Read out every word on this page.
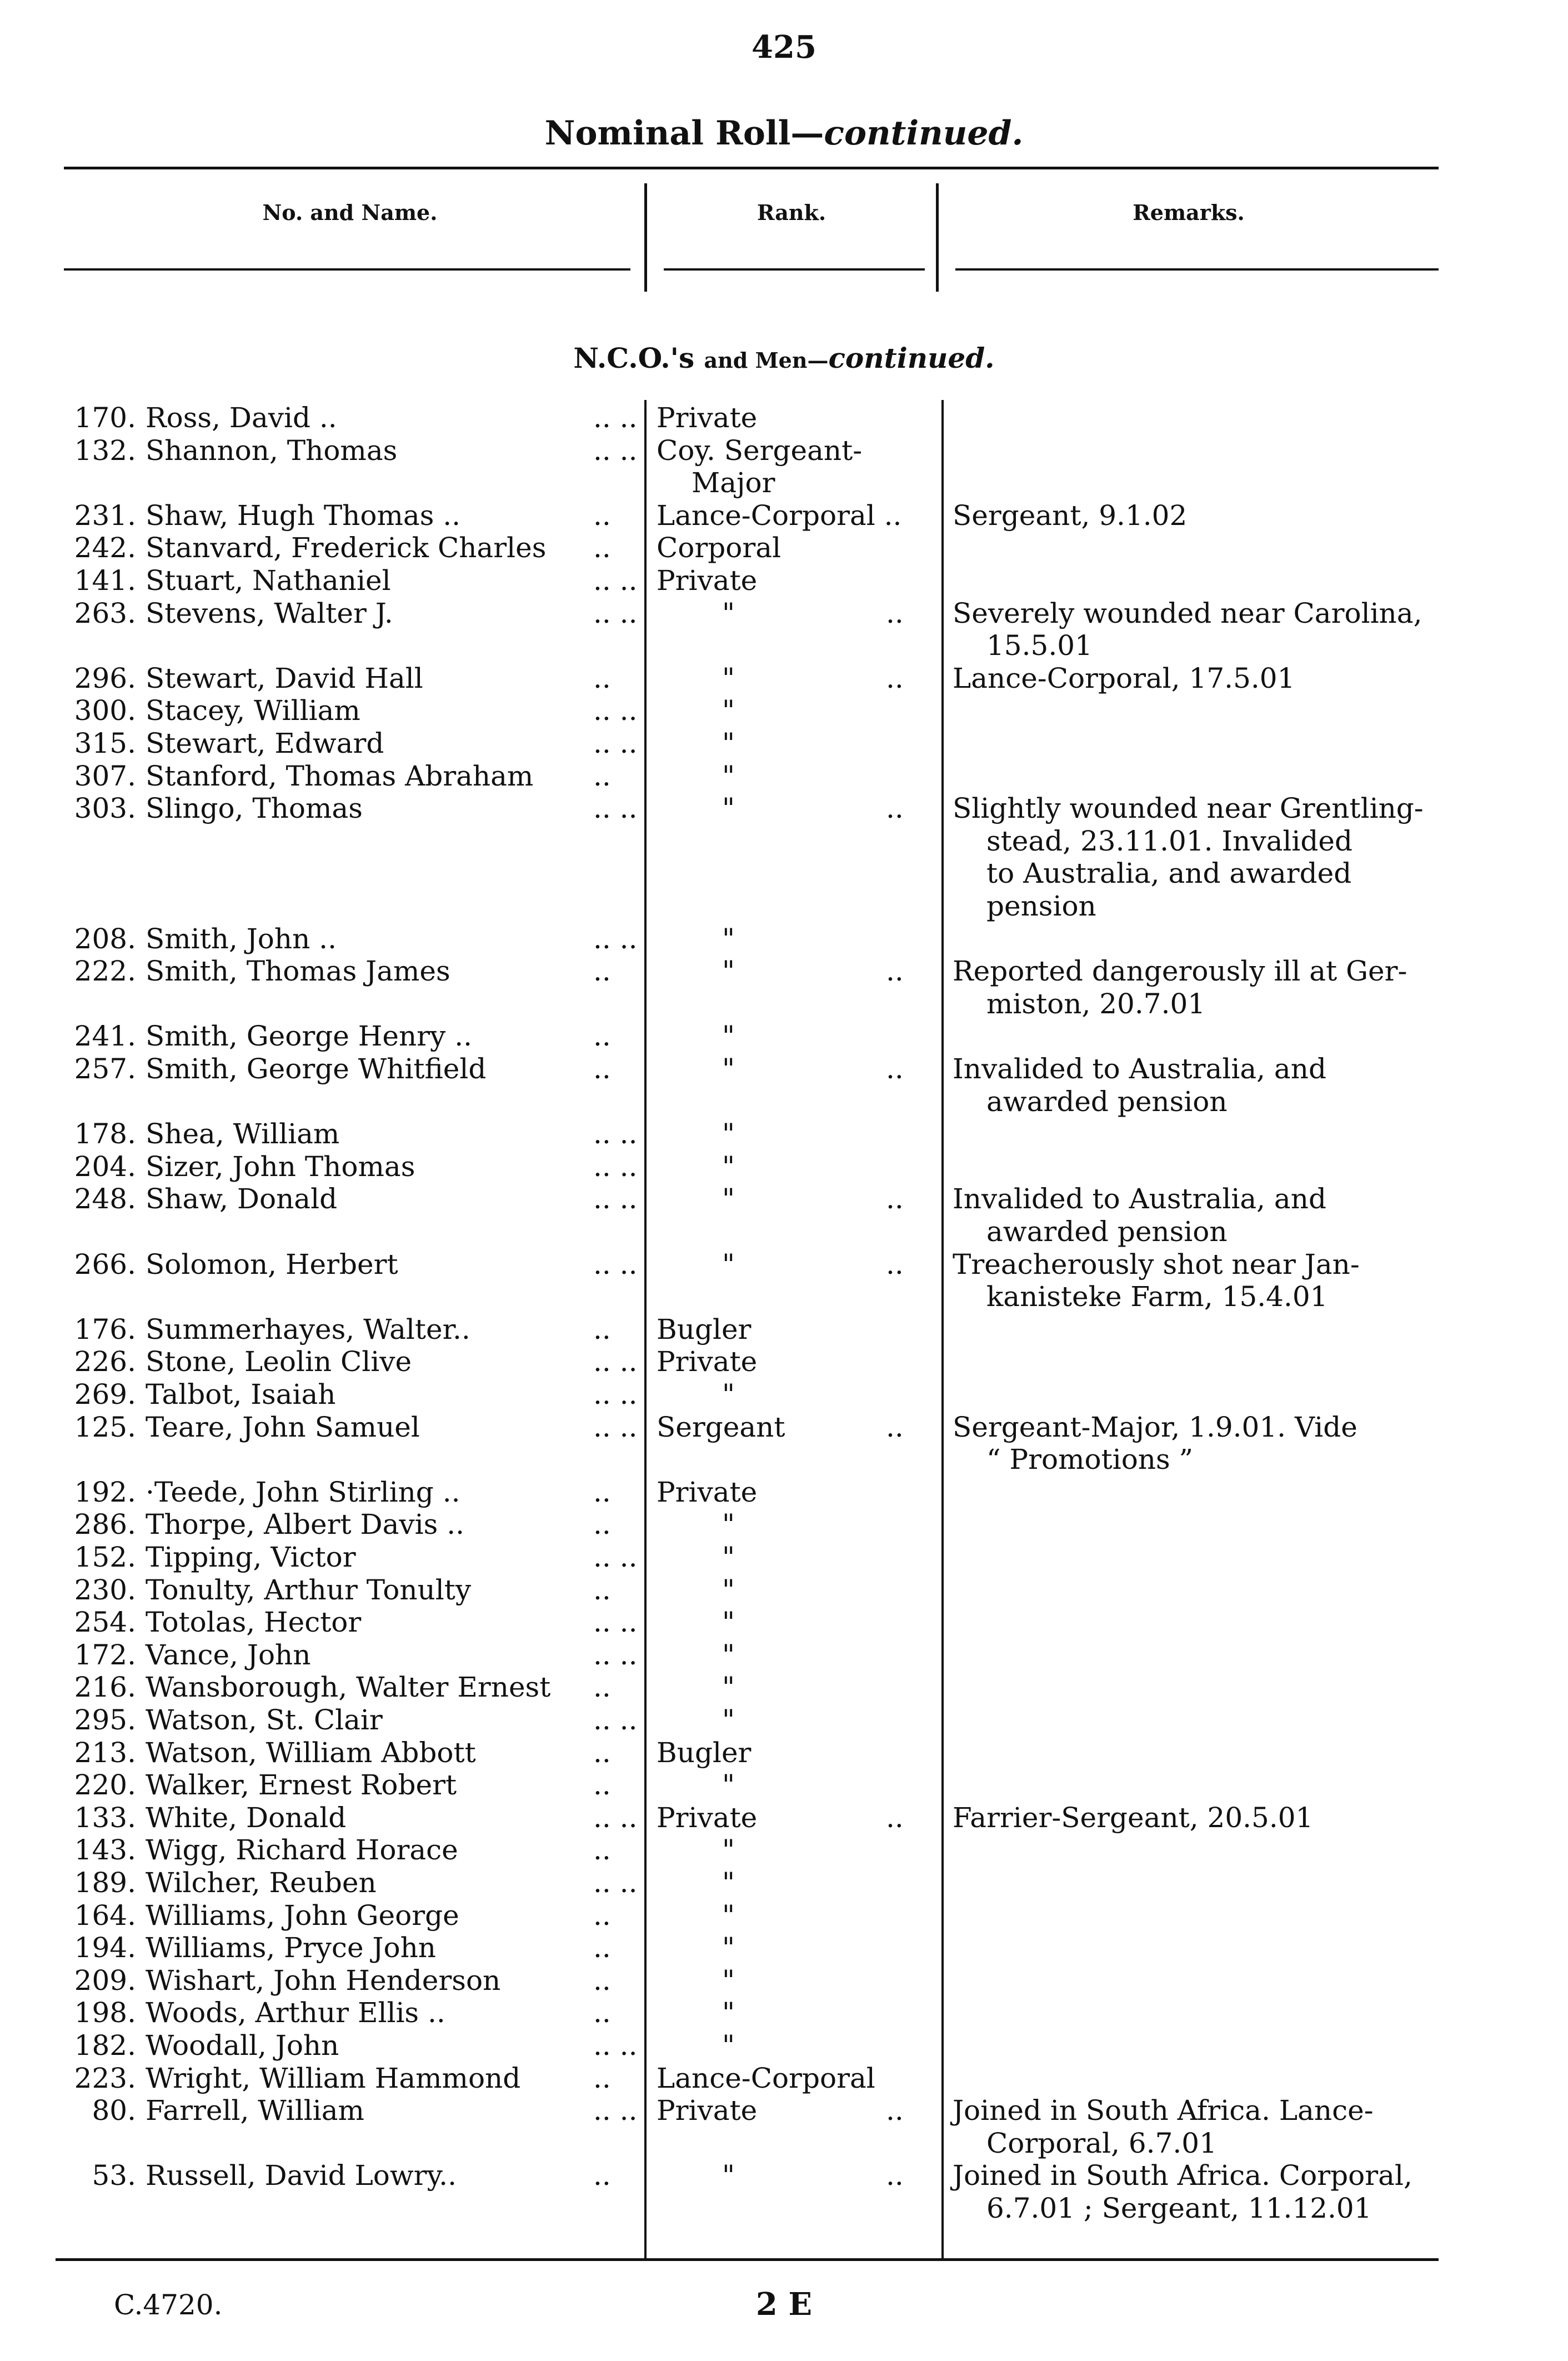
425
Nominal Roll—continued.
No. and Name.	Rank.	Remarks.
N.C.O.'s and Men—continued.
170. Ross, David ..	.. .. Private
132. Shannon, Thomas	.. .. Coy. Sergeant-
Major
231. Shaw, Hugh Thomas ..	.. Lance-Corporal .. Sergeant, 9.1.02
242. Stanvard, Frederick Charles .. Corporal
141. Stuart, Nathaniel	.. .. Private
263. Stevens, Walter J.	.. ..	"	.. Severely wounded near Carolina,
15.5.01
296. Stewart, David Hall	..	"	.. Lance-Corporal, 17.5.01
300. Stacey, William	.. ..	"
315. Stewart, Edward	.. ..	"
307. Stanford, Thomas Abraham ..	"
303. Slingo, Thomas	.. ..	"	.. Slightly wounded near Grentling-
stead, 23.11.01. Invalided
to Australia, and awarded
pension
208. Smith, John ..	.. ..	"
222. Smith, Thomas James	..	"	.. Reported dangerously ill at Ger-
miston, 20.7.01
241. Smith, George Henry ..	..	"
257. Smith, George Whitfield	..	"	.. Invalided to Australia, and
awarded pension
178. Shea, William	.. ..	"
204. Sizer, John Thomas	.. ..	"
248. Shaw, Donald	.. ..	"	.. Invalided to Australia, and
awarded pension
266. Solomon, Herbert	.. ..	"	.. Treacherously shot near Jan-
kanisteke Farm, 15.4.01
176. Summerhayes, Walter..	.. Bugler
226. Stone, Leolin Clive	.. .. Private
269. Talbot, Isaiah	.. ..	"
125. Teare, John Samuel	.. .. Sergeant	.. Sergeant-Major, 1.9.01. Vide
“ Promotions ”
192. ·Teede, John Stirling ..	.. Private
286. Thorpe, Albert Davis ..	..	"
152. Tipping, Victor	.. ..	"
230. Tonulty, Arthur Tonulty	..	"
254. Totolas, Hector	.. ..	"
172. Vance, John	.. ..	"
216. Wansborough, Walter Ernest ..	"
295. Watson, St. Clair	.. ..	"
213. Watson, William Abbott	.. Bugler
220. Walker, Ernest Robert	..	"
133. White, Donald	.. .. Private	.. Farrier-Sergeant, 20.5.01
143. Wigg, Richard Horace	..	"
189. Wilcher, Reuben	.. ..	"
164. Williams, John George	..	"
194. Williams, Pryce John	..	"
209. Wishart, John Henderson	..	"
198. Woods, Arthur Ellis ..	..	"
182. Woodall, John	.. ..	"
223. Wright, William Hammond	.. Lance-Corporal
80. Farrell, William	.. .. Private	.. Joined in South Africa. Lance-
Corporal, 6.7.01
53. Russell, David Lowry..	..	"	.. Joined in South Africa. Corporal,
6.7.01 ; Sergeant, 11.12.01
C.4720.	2 E
